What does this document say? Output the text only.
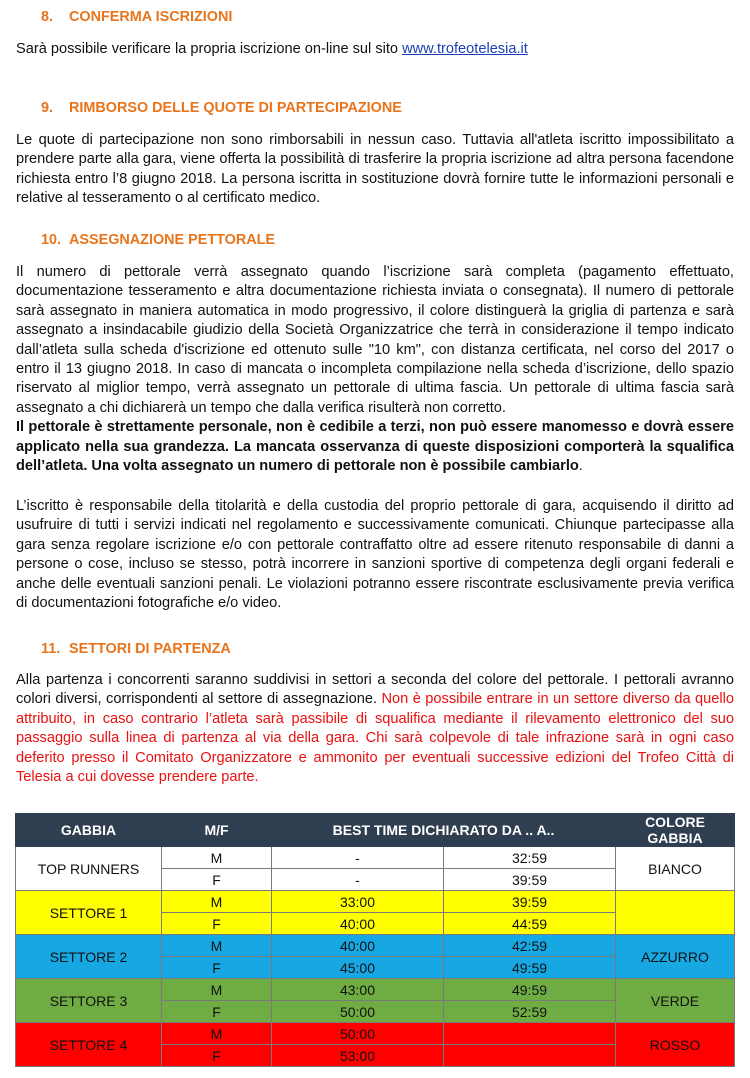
8. CONFERMA ISCRIZIONI

Sarà possibile verificare la propria iscrizione on-line sul sito www.trofeotelesia.it

9. RIMBORSO DELLE QUOTE DI PARTECIPAZIONE

Le quote di partecipazione non sono rimborsabili in nessun caso. Tuttavia all'atleta iscritto impossibilitato a prendere parte alla gara, viene offerta la possibilità di trasferire la propria iscrizione ad altra persona facendone richiesta entro l’8 giugno 2018. La persona iscritta in sostituzione dovrà fornire tutte le informazioni personali e relative al tesseramento o al certificato medico.

10. ASSEGNAZIONE PETTORALE

Il numero di pettorale verrà assegnato quando l’iscrizione sarà completa (pagamento effettuato, documentazione tesseramento e altra documentazione richiesta inviata o consegnata). Il numero di pettorale sarà assegnato in maniera automatica in modo progressivo, il colore distinguerà la griglia di partenza e sarà assegnato a insindacabile giudizio della Società Organizzatrice che terrà in considerazione il tempo indicato dall’atleta sulla scheda d'iscrizione ed ottenuto sulle "10 km", con distanza certificata, nel corso del 2017 o entro il 13 giugno 2018. In caso di mancata o incompleta compilazione nella scheda d’iscrizione, dello spazio riservato al miglior tempo, verrà assegnato un pettorale di ultima fascia. Un pettorale di ultima fascia sarà assegnato a chi dichiarerà un tempo che dalla verifica risulterà non corretto.
Il pettorale è strettamente personale, non è cedibile a terzi, non può essere manomesso e dovrà essere applicato nella sua grandezza. La mancata osservanza di queste disposizioni comporterà la squalifica dell’atleta. Una volta assegnato un numero di pettorale non è possibile cambiarlo.

L’iscritto è responsabile della titolarità e della custodia del proprio pettorale di gara, acquisendo il diritto ad usufruire di tutti i servizi indicati nel regolamento e successivamente comunicati. Chiunque partecipasse alla gara senza regolare iscrizione e/o con pettorale contraffatto oltre ad essere ritenuto responsabile di danni a persone o cose, incluso se stesso, potrà incorrere in sanzioni sportive di competenza degli organi federali e anche delle eventuali sanzioni penali. Le violazioni potranno essere riscontrate esclusivamente previa verifica di documentazioni fotografiche e/o video.

11. SETTORI DI PARTENZA

Alla partenza i concorrenti saranno suddivisi in settori a seconda del colore del pettorale. I pettorali avranno colori diversi, corrispondenti al settore di assegnazione. Non è possibile entrare in un settore diverso da quello attribuito, in caso contrario l’atleta sarà passibile di squalifica mediante il rilevamento elettronico del suo passaggio sulla linea di partenza al via della gara. Chi sarà colpevole di tale infrazione sarà in ogni caso deferito presso il Comitato Organizzatore e ammonito per eventuali successive edizioni del Trofeo Città di Telesia a cui dovesse prendere parte.

GABBIA	M/F	BEST TIME DICHIARATO DA .. A..		COLORE GABBIA
TOP RUNNERS	M	-	32:59	BIANCO
	F	-	39:59	
SETTORE 1	M	33:00	39:59	
	F	40:00	44:59	
SETTORE 2	M	40:00	42:59	AZZURRO
	F	45:00	49:59	
SETTORE 3	M	43:00	49:59	VERDE
	F	50:00	52:59	
SETTORE 4	M	50:00		ROSSO
	F	53:00		
